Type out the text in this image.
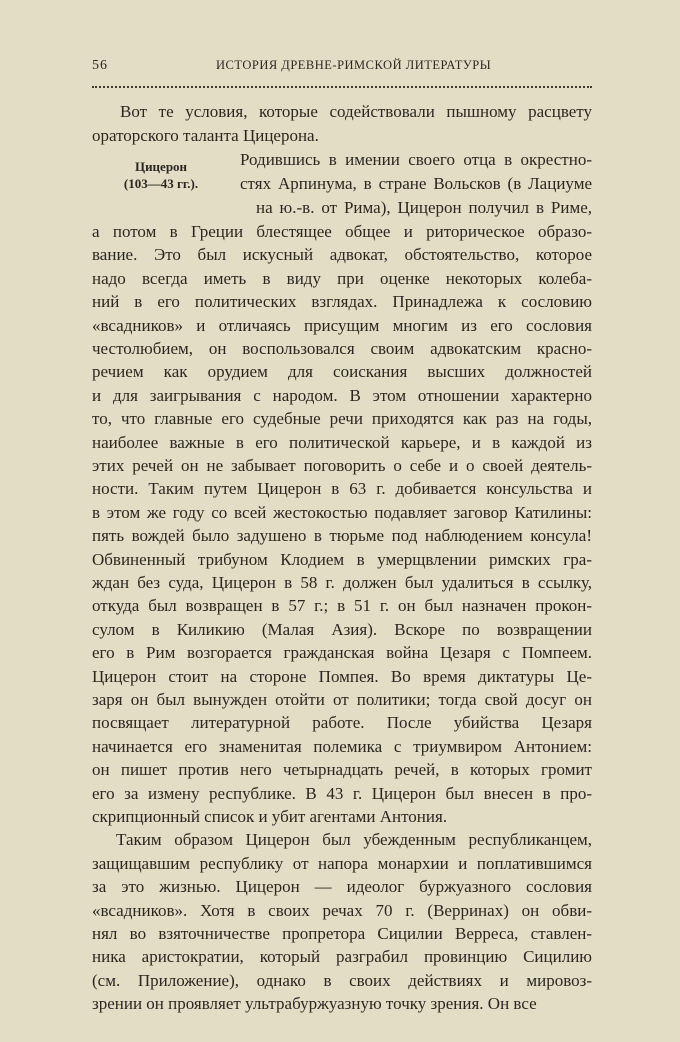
56	ИСТОРИЯ ДРЕВНЕ-РИМСКОЙ ЛИТЕРАТУРЫ
Цицерон
(103—43 гг.).
Вот те условия, которые содействовали пышному расцвету
ораторского таланта Цицерона.
Родившись в имении своего отца в окрестно-
стях Арпинума, в стране Вольсков (в Лациуме
на ю.-в. от Рима), Цицерон получил в Риме,
а потом в Греции блестящее общее и риторическое образо-
вание. Это был искусный адвокат, обстоятельство, которое
надо всегда иметь в виду при оценке некоторых колеба-
ний в его политических взглядах. Принадлежа к сословию
«всадников» и отличаясь присущим многим из его сословия
честолюбием, он воспользовался своим адвокатским красно-
речием как орудием для соискания высших должностей
и для заигрывания с народом. В этом отношении характерно
то, что главные его судебные речи приходятся как раз на годы,
наиболее важные в его политической карьере, и в каждой из
этих речей он не забывает поговорить о себе и о своей деятель-
ности. Таким путем Цицерон в 63 г. добивается консульства и
в этом же году со всей жестокостью подавляет заговор Катилины:
пять вождей было задушено в тюрьме под наблюдением консула!
Обвиненный трибуном Клодием в умерщвлении римских гра-
ждан без суда, Цицерон в 58 г. должен был удалиться в ссылку,
откуда был возвращен в 57 г.; в 51 г. он был назначен прокон-
сулом в Киликию (Малая Азия). Вскоре по возвращении
его в Рим возгорается гражданская война Цезаря с Помпеем.
Цицерон стоит на стороне Помпея. Во время диктатуры Це-
заря он был вынужден отойти от политики; тогда свой досуг он
посвящает литературной работе. После убийства Цезаря
начинается его знаменитая полемика с триумвиром Антонием:
он пишет против него четырнадцать речей, в которых громит
его за измену республике. В 43 г. Цицерон был внесен в про-
скрипционный список и убит агентами Антония.
Таким образом Цицерон был убежденным республиканцем,
защищавшим республику от напора монархии и поплатившимся
за это жизнью. Цицерон — идеолог буржуазного сословия
«всадников». Хотя в своих речах 70 г. (Верринах) он обви-
нял во взяточничестве пропретора Сицилии Верреса, ставлен-
ника аристократии, который разграбил провинцию Сицилию
(см. Приложение), однако в своих действиях и мировоз-
зрении он проявляет ультрабуржуазную точку зрения. Он все
